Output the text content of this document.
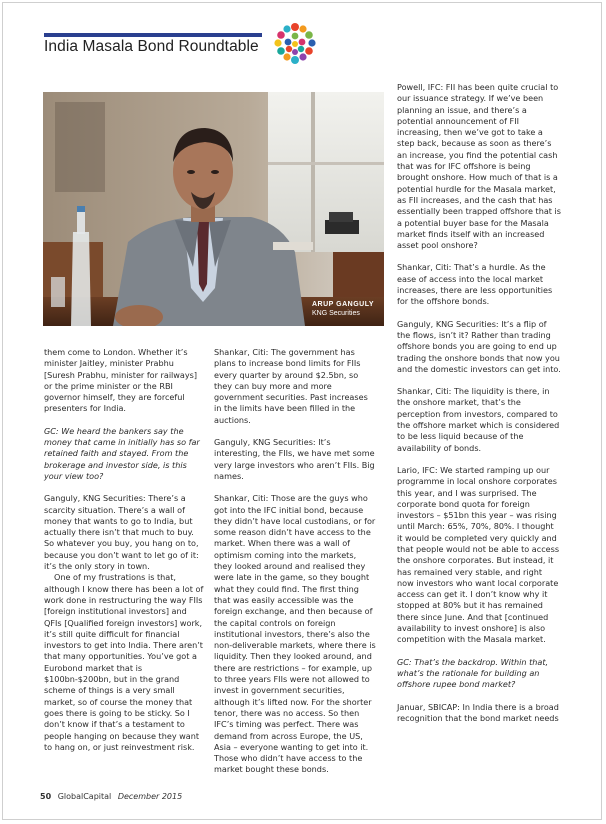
India Masala Bond Roundtable
ARUP GANGULY
KNG Securities

them come to London. Whether it’s minister Jaitley, minister Prabhu [Suresh Prabhu, minister for railways] or the prime minister or the RBI governor himself, they are forceful presenters for India.

GC: We heard the bankers say the money that came in initially has so far retained faith and stayed. From the brokerage and investor side, is this your view too?

Ganguly, KNG Securities: There’s a scarcity situation. There’s a wall of money that wants to go to India, but actually there isn’t that much to buy. So whatever you buy, you hang on to, because you don’t want to let go of it: it’s the only story in town.

One of my frustrations is that, although I know there has been a lot of work done in restructuring the way FIIs [foreign institutional investors] and QFIs [Qualified foreign investors] work, it’s still quite difficult for financial investors to get into India. There aren’t that many opportunities. You’ve got a Eurobond market that is $100bn-$200bn, but in the grand scheme of things is a very small market, so of course the money that goes there is going to be sticky. So I don’t know if that’s a testament to people hanging on because they want to hang on, or just reinvestment risk.

Shankar, Citi: The government has plans to increase bond limits for FIIs every quarter by around $2.5bn, so they can buy more and more government securities. Past increases in the limits have been filled in the auctions.

Ganguly, KNG Securities: It’s interesting, the FIIs, we have met some very large investors who aren’t FIIs. Big names.

Shankar, Citi: Those are the guys who got into the IFC initial bond, because they didn’t have local custodians, or for some reason didn’t have access to the market. When there was a wall of optimism coming into the markets, they looked around and realised they were late in the game, so they bought what they could find. The first thing that was easily accessible was the foreign exchange, and then because of the capital controls on foreign institutional investors, there’s also the non-deliverable markets, where there is liquidity. Then they looked around, and there are restrictions – for example, up to three years FIIs were not allowed to invest in government securities, although it’s lifted now. For the shorter tenor, there was no access. So then IFC’s timing was perfect. There was demand from across Europe, the US, Asia – everyone wanting to get into it. Those who didn’t have access to the market bought these bonds.

Powell, IFC: FII has been quite crucial to our issuance strategy. If we’ve been planning an issue, and there’s a potential announcement of FII increasing, then we’ve got to take a step back, because as soon as there’s an increase, you find the potential cash that was for IFC offshore is being brought onshore. How much of that is a potential hurdle for the Masala market, as FII increases, and the cash that has essentially been trapped offshore that is a potential buyer base for the Masala market finds itself with an increased asset pool onshore?

Shankar, Citi: That’s a hurdle. As the ease of access into the local market increases, there are less opportunities for the offshore bonds.

Ganguly, KNG Securities: It’s a flip of the flows, isn’t it? Rather than trading offshore bonds you are going to end up trading the onshore bonds that now you and the domestic investors can get into.

Shankar, Citi: The liquidity is there, in the onshore market, that’s the perception from investors, compared to the offshore market which is considered to be less liquid because of the availability of bonds.

Lario, IFC: We started ramping up our programme in local onshore corporates this year, and I was surprised. The corporate bond quota for foreign investors – $51bn this year – was rising until March: 65%, 70%, 80%. I thought it would be completed very quickly and that people would not be able to access the onshore corporates. But instead, it has remained very stable, and right now investors who want local corporate access can get it. I don’t know why it stopped at 80% but it has remained there since June. And that [continued availability to invest onshore] is also competition with the Masala market.

GC: That’s the backdrop. Within that, what’s the rationale for building an offshore rupee bond market?

Januar, SBICAP: In India there is a broad recognition that the bond market needs

50 GlobalCapital December 2015
